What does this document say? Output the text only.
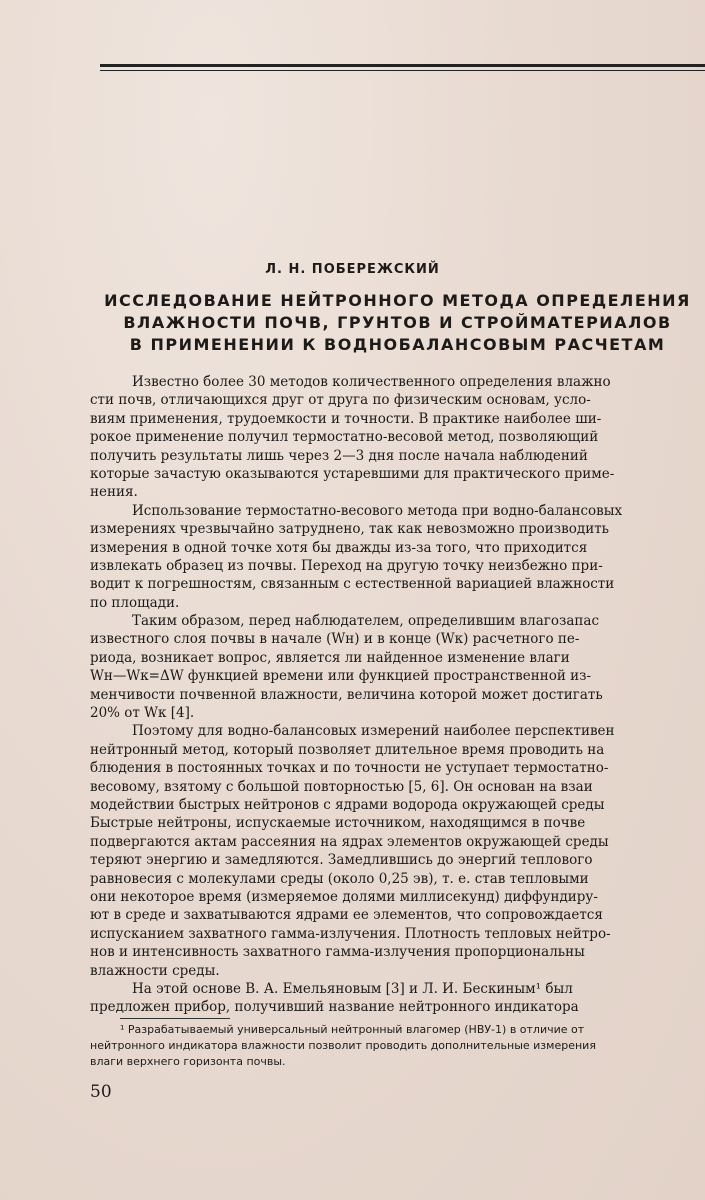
Л. Н. ПОБЕРЕЖСКИЙ
ИССЛЕДОВАНИЕ НЕЙТРОННОГО МЕТОДА ОПРЕДЕЛЕНИЯ
ВЛАЖНОСТИ ПОЧВ, ГРУНТОВ И СТРОЙМАТЕРИАЛОВ
В ПРИМЕНЕНИИ К ВОДНОБАЛАНСОВЫМ РАСЧЕТАМ
Известно более 30 методов количественного определения влажно
сти почв, отличающихся друг от друга по физическим основам, усло-
виям применения, трудоемкости и точности. В практике наиболее ши-
рокое применение получил термостатно-весовой метод, позволяющий
получить результаты лишь через 2—3 дня после начала наблюдений
которые зачастую оказываются устаревшими для практического приме-
нения.
Использование термостатно-весового метода при водно-балансовых
измерениях чрезвычайно затруднено, так как невозможно производить
измерения в одной точке хотя бы дважды из-за того, что приходится
извлекать образец из почвы. Переход на другую точку неизбежно при-
водит к погрешностям, связанным с естественной вариацией влажности
по площади.
Таким образом, перед наблюдателем, определившим влагозапас
известного слоя почвы в начале (Wн) и в конце (Wк) расчетного пе-
риода, возникает вопрос, является ли найденное изменение влаги
Wн—Wк=ΔW функцией времени или функцией пространственной из-
менчивости почвенной влажности, величина которой может достигать
20% от Wк [4].
Поэтому для водно-балансовых измерений наиболее перспективен
нейтронный метод, который позволяет длительное время проводить на
блюдения в постоянных точках и по точности не уступает термостатно-
весовому, взятому с большой повторностью [5, 6]. Он основан на взаи
модействии быстрых нейтронов с ядрами водорода окружающей среды
Быстрые нейтроны, испускаемые источником, находящимся в почве
подвергаются актам рассеяния на ядрах элементов окружающей среды
теряют энергию и замедляются. Замедлившись до энергий теплового
равновесия с молекулами среды (около 0,25 эв), т. е. став тепловыми
они некоторое время (измеряемое долями миллисекунд) диффундиру-
ют в среде и захватываются ядрами ее элементов, что сопровождается
испусканием захватного гамма-излучения. Плотность тепловых нейтро-
нов и интенсивность захватного гамма-излучения пропорциональны
влажности среды.
На этой основе В. А. Емельяновым [3] и Л. И. Бескиным¹ был
предложен прибор, получивший название нейтронного индикатора
¹ Разрабатываемый универсальный нейтронный влагомер (НВУ-1) в отличие от
нейтронного индикатора влажности позволит проводить дополнительные измерения
влаги верхнего горизонта почвы.
50
